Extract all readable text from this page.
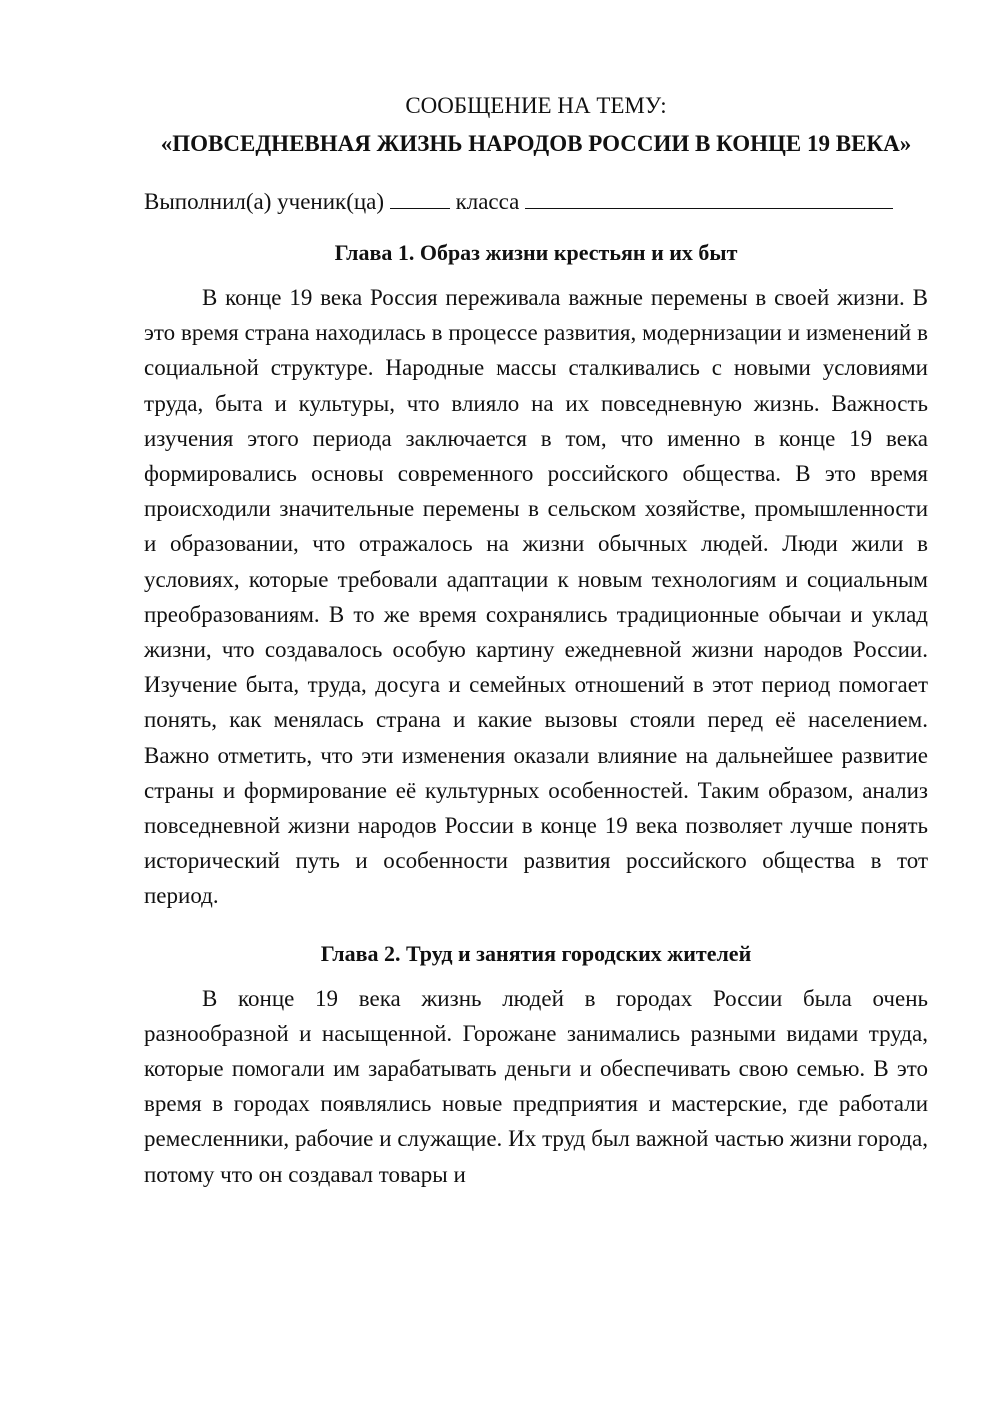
СООБЩЕНИЕ НА ТЕМУ:

«ПОВСЕДНЕВНАЯ ЖИЗНЬ НАРОДОВ РОССИИ В КОНЦЕ 19 ВЕКА»

Выполнил(а) ученик(ца)	класса

Глава 1. Образ жизни крестьян и их быт

В конце 19 века Россия переживала важные перемены в своей жизни. В это время страна находилась в процессе развития, модернизации и изменений в социальной структуре. Народные массы сталкивались с новыми условиями труда, быта и культуры, что влияло на их повседневную жизнь. Важность изучения этого периода заключается в том, что именно в конце 19 века формировались основы современного российского общества. В это время происходили значительные перемены в сельском хозяйстве, промышленности и образовании, что отражалось на жизни обычных людей. Люди жили в условиях, которые требовали адаптации к новым технологиям и социальным преобразованиям. В то же время сохранялись традиционные обычаи и уклад жизни, что создавалось особую картину ежедневной жизни народов России. Изучение быта, труда, досуга и семейных отношений в этот период помогает понять, как менялась страна и какие вызовы стояли перед её населением. Важно отметить, что эти изменения оказали влияние на дальнейшее развитие страны и формирование её культурных особенностей. Таким образом, анализ повседневной жизни народов России в конце 19 века позволяет лучше понять исторический путь и особенности развития российского общества в тот период.

Глава 2. Труд и занятия городских жителей

В конце 19 века жизнь людей в городах России была очень разнообразной и насыщенной. Горожане занимались разными видами труда, которые помогали им зарабатывать деньги и обеспечивать свою семью. В это время в городах появлялись новые предприятия и мастерские, где работали ремесленники, рабочие и служащие. Их труд был важной частью жизни города, потому что он создавал товары и
